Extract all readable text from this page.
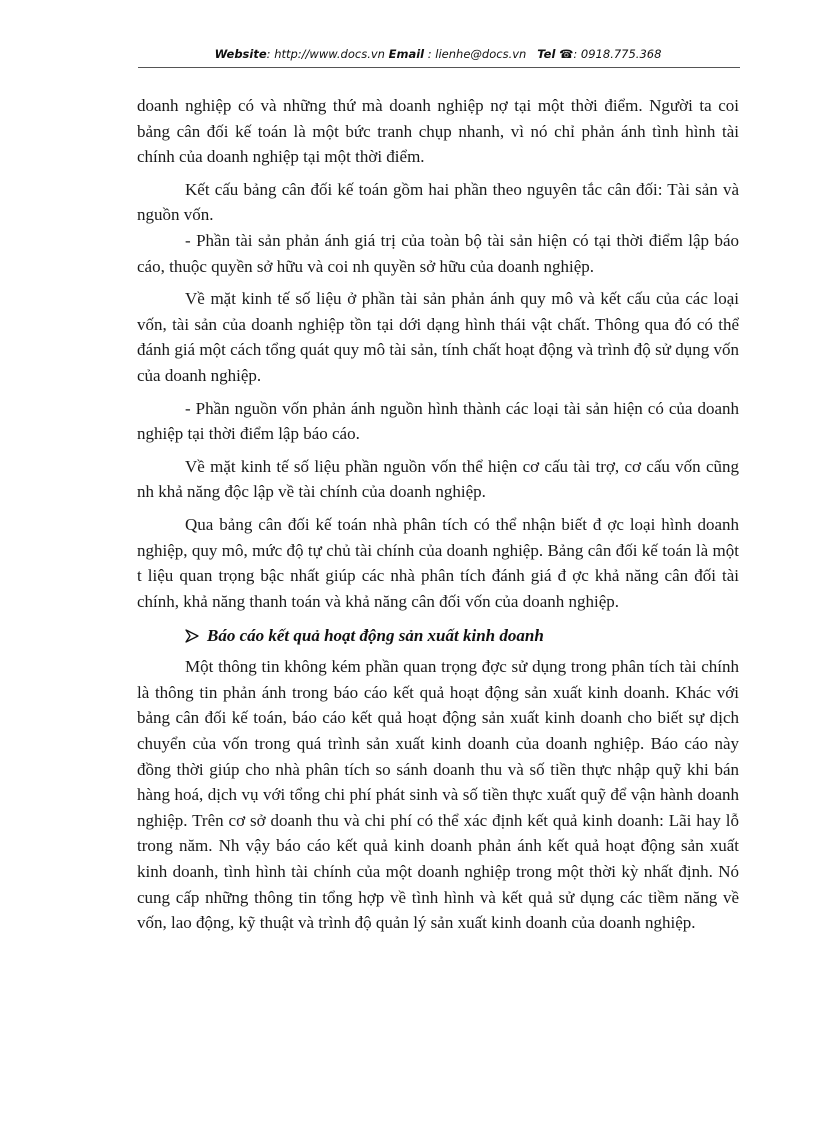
Website: http://www.docs.vn Email : lienhe@docs.vn Tel ☎: 0918.775.368

doanh nghiệp có và những thứ mà doanh nghiệp nợ tại một thời điểm. Người ta coi bảng cân đối kế toán là một bức tranh chụp nhanh, vì nó chỉ phản ánh tình hình tài chính của doanh nghiệp tại một thời điểm.

Kết cấu bảng cân đối kế toán gồm hai phần theo nguyên tắc cân đối: Tài sản và nguồn vốn.

- Phần tài sản phản ánh giá trị của toàn bộ tài sản hiện có tại thời điểm lập báo cáo, thuộc quyền sở hữu và coi nh quyền sở hữu của doanh nghiệp.

Về mặt kinh tế số liệu ở phần tài sản phản ánh quy mô và kết cấu của các loại vốn, tài sản của doanh nghiệp tồn tại dới dạng hình thái vật chất. Thông qua đó có thể đánh giá một cách tổng quát quy mô tài sản, tính chất hoạt động và trình độ sử dụng vốn của doanh nghiệp.

- Phần nguồn vốn phản ánh nguồn hình thành các loại tài sản hiện có của doanh nghiệp tại thời điểm lập báo cáo.

Về mặt kinh tế số liệu phần nguồn vốn thể hiện cơ cấu tài trợ, cơ cấu vốn cũng nh khả năng độc lập về tài chính của doanh nghiệp.

Qua bảng cân đối kế toán nhà phân tích có thể nhận biết đ ợc loại hình doanh nghiệp, quy mô, mức độ tự chủ tài chính của doanh nghiệp. Bảng cân đối kế toán là một t liệu quan trọng bậc nhất giúp các nhà phân tích đánh giá đ ợc khả năng cân đối tài chính, khả năng thanh toán và khả năng cân đối vốn của doanh nghiệp.

Báo cáo kết quả hoạt động sản xuất kinh doanh

Một thông tin không kém phần quan trọng đợc sử dụng trong phân tích tài chính là thông tin phản ánh trong báo cáo kết quả hoạt động sản xuất kinh doanh. Khác với bảng cân đối kế toán, báo cáo kết quả hoạt động sản xuất kinh doanh cho biết sự dịch chuyển của vốn trong quá trình sản xuất kinh doanh của doanh nghiệp. Báo cáo này đồng thời giúp cho nhà phân tích so sánh doanh thu và số tiền thực nhập quỹ khi bán hàng hoá, dịch vụ với tổng chi phí phát sinh và số tiền thực xuất quỹ để vận hành doanh nghiệp. Trên cơ sở doanh thu và chi phí có thể xác định kết quả kinh doanh: Lãi hay lỗ trong năm. Nh vậy báo cáo kết quả kinh doanh phản ánh kết quả hoạt động sản xuất kinh doanh, tình hình tài chính của một doanh nghiệp trong một thời kỳ nhất định. Nó cung cấp những thông tin tổng hợp về tình hình và kết quả sử dụng các tiềm năng về vốn, lao động, kỹ thuật và trình độ quản lý sản xuất kinh doanh của doanh nghiệp.
